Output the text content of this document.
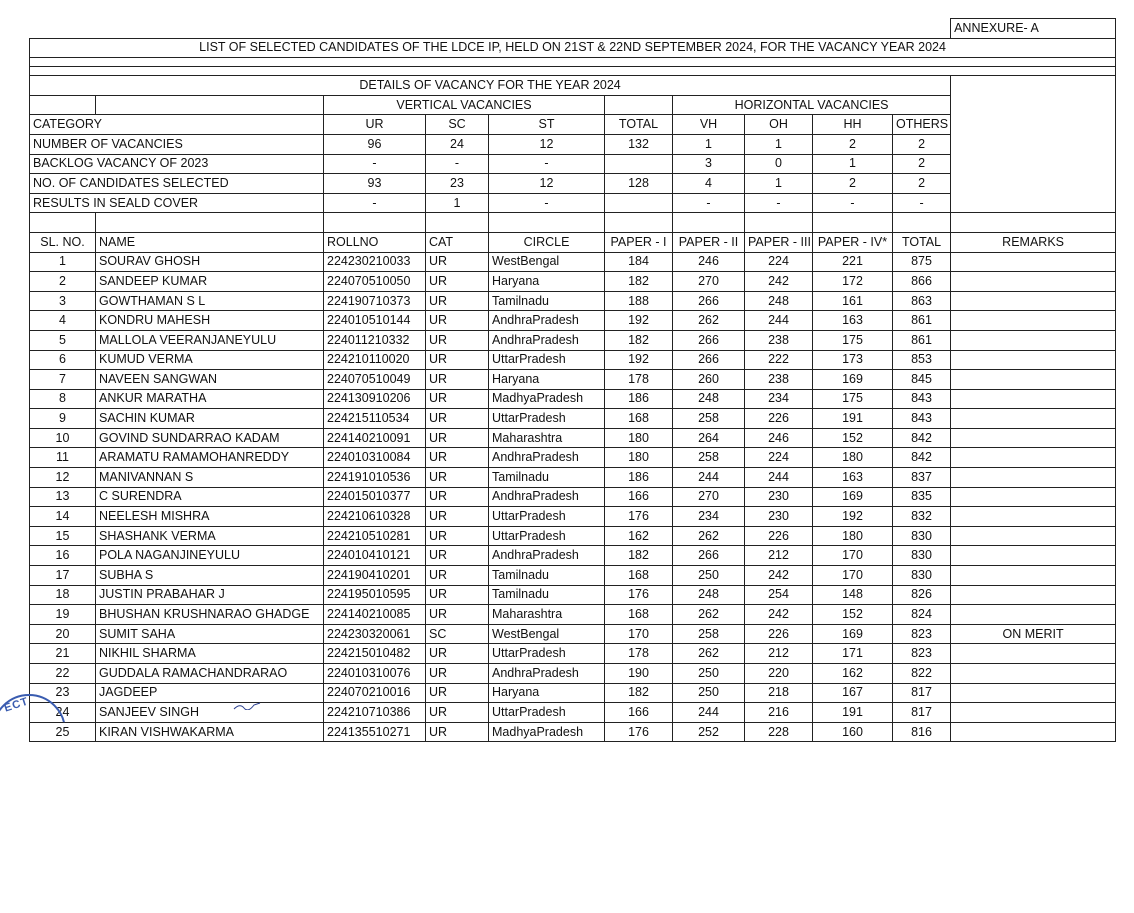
										ANNEXURE- A
LIST OF SELECTED CANDIDATES OF THE LDCE IP, HELD ON 21ST & 22ND SEPTEMBER 2024, FOR THE VACANCY YEAR 2024										

DETAILS OF VACANCY FOR THE YEAR 2024										
		VERTICAL VACANCIES				HORIZONTAL VACANCIES				
CATEGORY		UR	SC	ST	TOTAL	VH	OH	HH	OTHERS	
NUMBER OF VACANCIES		96	24	12	132	1	1	2	2	
BACKLOG VACANCY OF 2023		-	-	-		3	0	1	2	
NO. OF CANDIDATES SELECTED		93	23	12	128	4	1	2	2	
RESULTS IN SEALD COVER		-	1	-		-	-	-	-	

SL. NO.	NAME	ROLLNO	CAT	CIRCLE	PAPER - I	PAPER - II	PAPER - III	PAPER - IV*	TOTAL	REMARKS
1	SOURAV GHOSH	224230210033	UR	WestBengal	184	246	224	221	875	
2	SANDEEP KUMAR	224070510050	UR	Haryana	182	270	242	172	866	
3	GOWTHAMAN S L	224190710373	UR	Tamilnadu	188	266	248	161	863	
4	KONDRU MAHESH	224010510144	UR	AndhraPradesh	192	262	244	163	861	
5	MALLOLA VEERANJANEYULU	224011210332	UR	AndhraPradesh	182	266	238	175	861	
6	KUMUD VERMA	224210110020	UR	UttarPradesh	192	266	222	173	853	
7	NAVEEN SANGWAN	224070510049	UR	Haryana	178	260	238	169	845	
8	ANKUR MARATHA	224130910206	UR	MadhyaPradesh	186	248	234	175	843	
9	SACHIN KUMAR	224215110534	UR	UttarPradesh	168	258	226	191	843	
10	GOVIND SUNDARRAO KADAM	224140210091	UR	Maharashtra	180	264	246	152	842	
11	ARAMATU RAMAMOHANREDDY	224010310084	UR	AndhraPradesh	180	258	224	180	842	
12	MANIVANNAN S	224191010536	UR	Tamilnadu	186	244	244	163	837	
13	C SURENDRA	224015010377	UR	AndhraPradesh	166	270	230	169	835	
14	NEELESH MISHRA	224210610328	UR	UttarPradesh	176	234	230	192	832	
15	SHASHANK VERMA	224210510281	UR	UttarPradesh	162	262	226	180	830	
16	POLA NAGANJINEYULU	224010410121	UR	AndhraPradesh	182	266	212	170	830	
17	SUBHA S	224190410201	UR	Tamilnadu	168	250	242	170	830	
18	JUSTIN PRABAHAR J	224195010595	UR	Tamilnadu	176	248	254	148	826	
19	BHUSHAN KRUSHNARAO GHADGE	224140210085	UR	Maharashtra	168	262	242	152	824	
20	SUMIT SAHA	224230320061	SC	WestBengal	170	258	226	169	823	ON MERIT
21	NIKHIL SHARMA	224215010482	UR	UttarPradesh	178	262	212	171	823	
22	GUDDALA RAMACHANDRARAO	224010310076	UR	AndhraPradesh	190	250	220	162	822	
23	JAGDEEP	224070210016	UR	Haryana	182	250	218	167	817	
24	SANJEEV SINGH	224210710386	UR	UttarPradesh	166	244	216	191	817	
25	KIRAN VISHWAKARMA	224135510271	UR	MadhyaPradesh	176	252	228	160	816	
ECT
